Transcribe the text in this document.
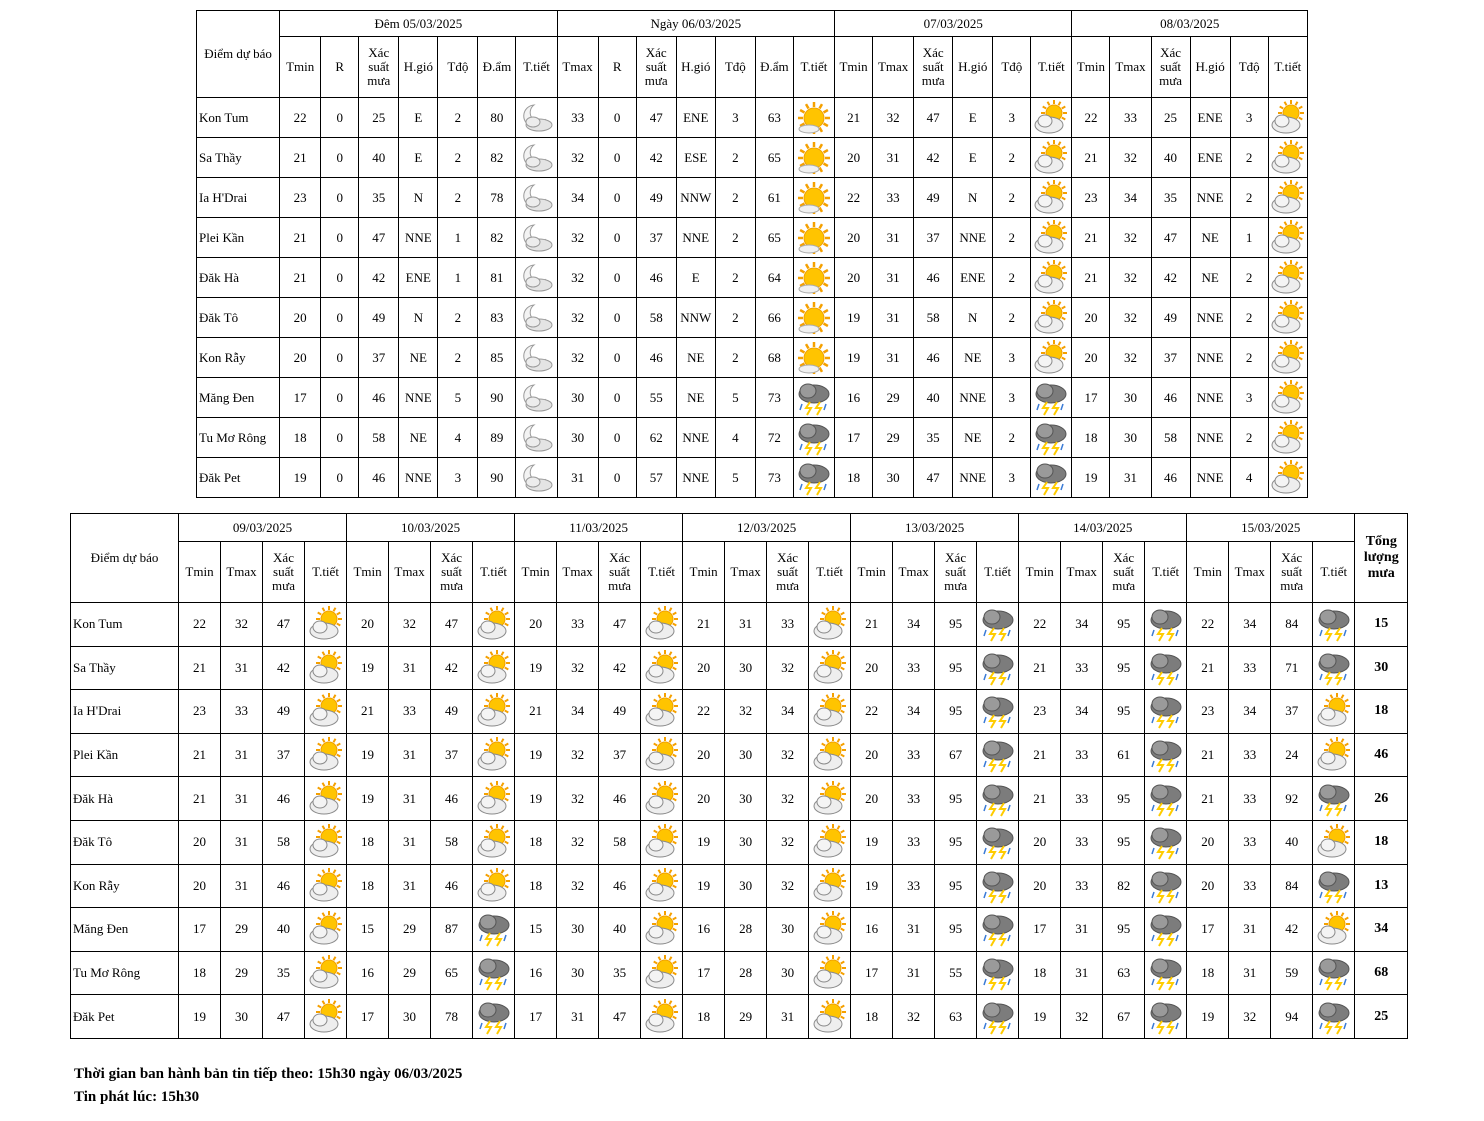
Điểm dự báo	Đêm 05/03/2025							Ngày 06/03/2025							07/03/2025						08/03/2025					
	Tmin	R	Xác suất mưa	H.gió	Tđộ	Đ.ẩm	T.tiết	Tmax	R	Xác suất mưa	H.gió	Tđộ	Đ.ẩm	T.tiết	Tmin	Tmax	Xác suất mưa	H.gió	Tđộ	T.tiết	Tmin	Tmax	Xác suất mưa	H.gió	Tđộ	T.tiết
Kon Tum	22	0	25	E	2	80		33	0	47	ENE	3	63		21	32	47	E	3		22	33	25	ENE	3	

Sa Thầy	21	0	40	E	2	82		32	0	42	ESE	2	65		20	31	42	E	2		21	32	40	ENE	2	

Ia H'Drai	23	0	35	N	2	78		34	0	49	NNW	2	61		22	33	49	N	2		23	34	35	NNE	2	

Plei Kần	21	0	47	NNE	1	82		32	0	37	NNE	2	65		20	31	37	NNE	2		21	32	47	NE	1	

Đăk Hà	21	0	42	ENE	1	81		32	0	46	E	2	64		20	31	46	ENE	2		21	32	42	NE	2	

Đăk Tô	20	0	49	N	2	83		32	0	58	NNW	2	66		19	31	58	N	2		20	32	49	NNE	2	

Kon Rẫy	20	0	37	NE	2	85		32	0	46	NE	2	68		19	31	46	NE	3		20	32	37	NNE	2	

Măng Đen	17	0	46	NNE	5	90		30	0	55	NE	5	73		16	29	40	NNE	3		17	30	46	NNE	3	

Tu Mơ Rông	18	0	58	NE	4	89		30	0	62	NNE	4	72		17	29	35	NE	2		18	30	58	NNE	2	

Đăk Pet	19	0	46	NNE	3	90		31	0	57	NNE	5	73		18	30	47	NNE	3		19	31	46	NNE	4	
Điểm dự báo	09/03/2025				10/03/2025				11/03/2025				12/03/2025				13/03/2025				14/03/2025				15/03/2025				Tổng lượng mưa
	Tmin	Tmax	Xác suất mưa	T.tiết	Tmin	Tmax	Xác suất mưa	T.tiết	Tmin	Tmax	Xác suất mưa	T.tiết	Tmin	Tmax	Xác suất mưa	T.tiết	Tmin	Tmax	Xác suất mưa	T.tiết	Tmin	Tmax	Xác suất mưa	T.tiết	Tmin	Tmax	Xác suất mưa	T.tiết	
Kon Tum	22	32	47		20	32	47		20	33	47		21	31	33		21	34	95		22	34	95		22	34	84		15
Sa Thầy	21	31	42		19	31	42		19	32	42		20	30	32		20	33	95		21	33	95		21	33	71		30
Ia H'Drai	23	33	49		21	33	49		21	34	49		22	32	34		22	34	95		23	34	95		23	34	37		18
Plei Kần	21	31	37		19	31	37		19	32	37		20	30	32		20	33	67		21	33	61		21	33	24		46
Đăk Hà	21	31	46		19	31	46		19	32	46		20	30	32		20	33	95		21	33	95		21	33	92		26
Đăk Tô	20	31	58		18	31	58		18	32	58		19	30	32		19	33	95		20	33	95		20	33	40		18
Kon Rẫy	20	31	46		18	31	46		18	32	46		19	30	32		19	33	95		20	33	82		20	33	84		13
Măng Đen	17	29	40		15	29	87		15	30	40		16	28	30		16	31	95		17	31	95		17	31	42		34
Tu Mơ Rông	18	29	35		16	29	65		16	30	35		17	28	30		17	31	55		18	31	63		18	31	59		68
Đăk Pet	19	30	47		17	30	78		17	31	47		18	29	31		18	32	63		19	32	67		19	32	94		25
Thời gian ban hành bản tin tiếp theo: 15h30 ngày 06/03/2025
Tin phát lúc: 15h30
